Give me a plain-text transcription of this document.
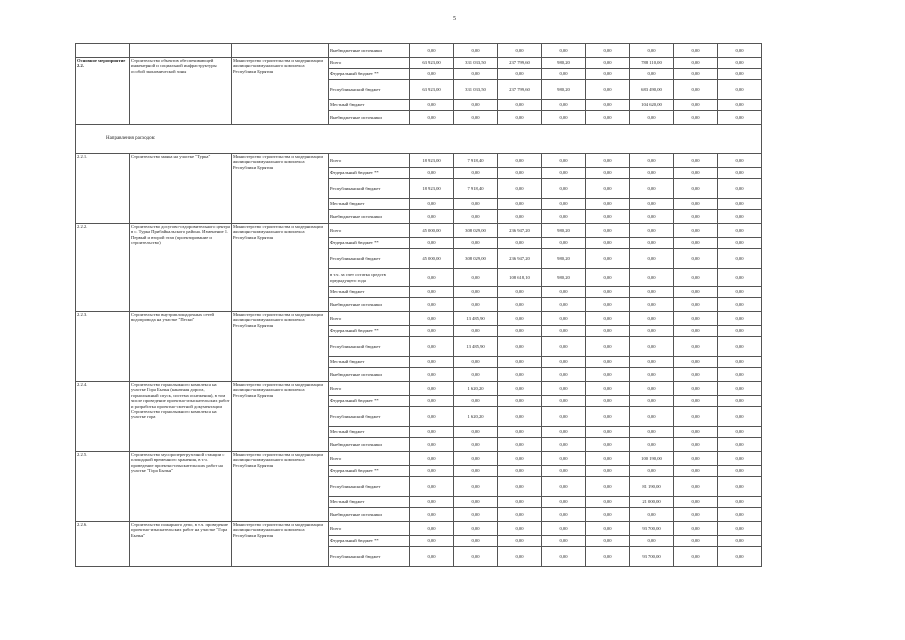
5
			Внебюджетные источники	0,00	0,00	0,00	0,00	0,00	0,00	0,00	0,00
Основное мероприятие 2.2.	Строительство объектов обеспечивающей инженерной и социальной инфраструктуры особой экономической зоны	Министерство строительства и модернизации жилищно-коммунального комплекса Республики Бурятия	Всего	63 923,00	331 033,50	237 799,60	980,20	0,00	788 110,00	0,00	0,00
			Федеральный бюджет **	0,00	0,00	0,00	0,00	0,00	0,00	0,00	0,00
			Республиканский бюджет	63 923,00	331 033,50	237 799,60	980,20	0,00	683 490,00	0,00	0,00
			Местный бюджет	0,00	0,00	0,00	0,00	0,00	104 620,00	0,00	0,00
			Внебюджетные источники	0,00	0,00	0,00	0,00	0,00	0,00	0,00	0,00
Направления расходов:											
2.2.1.	Строительство маяка на участке "Турка"	Министерство строительства и модернизации жилищно-коммунального комплекса Республики Бурятия	Всего	18 923,00	7 918,40	0,00	0,00	0,00	0,00	0,00	0,00
			Федеральный бюджет **	0,00	0,00	0,00	0,00	0,00	0,00	0,00	0,00
			Республиканский бюджет	18 923,00	7 918,40	0,00	0,00	0,00	0,00	0,00	0,00
			Местный бюджет	0,00	0,00	0,00	0,00	0,00	0,00	0,00	0,00
			Внебюджетные источники	0,00	0,00	0,00	0,00	0,00	0,00	0,00	0,00
2.2.2.	Строительство досугово-оздоровительного центра в с. Турка Прибайкальского района. Изменение 1. Первый и второй этап (проектирование и строительство)	Министерство строительства и модернизации жилищно-коммунального комплекса Республики Бурятия	Всего	45 000,00	308 029,00	236 947,20	980,20	0,00	0,00	0,00	0,00
			Федеральный бюджет **	0,00	0,00	0,00	0,00	0,00	0,00	0,00	0,00
			Республиканский бюджет	45 000,00	308 029,00	236 947,20	980,20	0,00	0,00	0,00	0,00
			в т.ч. за счет остатка средств предыдущего года	0,00	0,00	108 618,10	980,20	0,00	0,00	0,00	0,00
			Местный бюджет	0,00	0,00	0,00	0,00	0,00	0,00	0,00	0,00
			Внебюджетные источники	0,00	0,00	0,00	0,00	0,00	0,00	0,00	0,00
2.2.3.	Строительство внутриплощадочных сетей водопровода на участке "Пески"	Министерство строительства и модернизации жилищно-коммунального комплекса Республики Бурятия	Всего	0,00	13 485,90	0,00	0,00	0,00	0,00	0,00	0,00
			Федеральный бюджет **	0,00	0,00	0,00	0,00	0,00	0,00	0,00	0,00
			Республиканский бюджет	0,00	13 485,90	0,00	0,00	0,00	0,00	0,00	0,00
			Местный бюджет	0,00	0,00	0,00	0,00	0,00	0,00	0,00	0,00
			Внебюджетные источники	0,00	0,00	0,00	0,00	0,00	0,00	0,00	0,00
2.2.4.	Строительство горнолыжного комплекса на участке Гора Бычья (канатная дорога, горнолыжный спуск, система оснежения), в том числе проведение проектно-изыскательских работ и разработка проектно-сметной документации Строительство горнолыжного комплекса на участке гора	Министерство строительства и модернизации жилищно-коммунального комплекса Республики Бурятия	Всего	0,00	1 620,20	0,00	0,00	0,00	0,00	0,00	0,00
			Федеральный бюджет **	0,00	0,00	0,00	0,00	0,00	0,00	0,00	0,00
			Республиканский бюджет	0,00	1 620,20	0,00	0,00	0,00	0,00	0,00	0,00
			Местный бюджет	0,00	0,00	0,00	0,00	0,00	0,00	0,00	0,00
			Внебюджетные источники	0,00	0,00	0,00	0,00	0,00	0,00	0,00	0,00
2.2.5.	Строительство мусороперегрузочной станции с площадкой временного хранения, в т.ч. проведение проектно-изыскательских работ на участке "Гора Бычья"	Министерство строительства и модернизации жилищно-коммунального комплекса Республики Бурятия	Всего	0,00	0,00	0,00	0,00	0,00	100 190,00	0,00	0,00
			Федеральный бюджет **	0,00	0,00	0,00	0,00	0,00	0,00	0,00	0,00
			Республиканский бюджет	0,00	0,00	0,00	0,00	0,00	81 190,00	0,00	0,00
			Местный бюджет	0,00	0,00	0,00	0,00	0,00	21 000,00	0,00	0,00
			Внебюджетные источники	0,00	0,00	0,00	0,00	0,00	0,00	0,00	0,00
2.2.6.	Строительство пожарного депо, в т.ч. проведение проектно-изыскательских работ на участке "Гора Бычья"	Министерство строительства и модернизации жилищно-коммунального комплекса Республики Бурятия	Всего	0,00	0,00	0,00	0,00	0,00	93 700,00	0,00	0,00
			Федеральный бюджет **	0,00	0,00	0,00	0,00	0,00	0,00	0,00	0,00
			Республиканский бюджет	0,00	0,00	0,00	0,00	0,00	93 700,00	0,00	0,00
